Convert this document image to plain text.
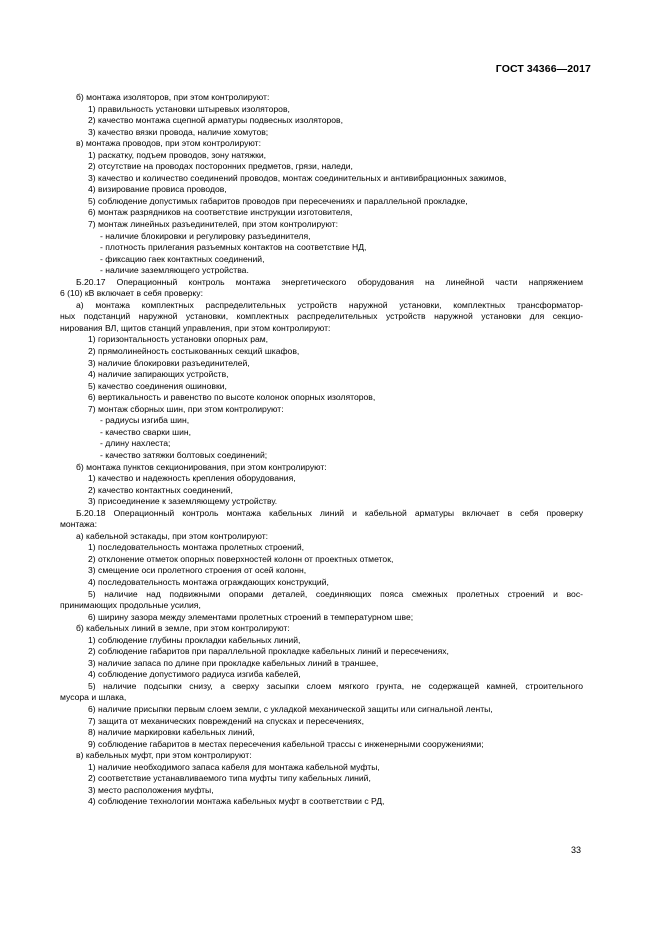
ГОСТ 34366—2017
б) монтажа изоляторов, при этом контролируют:
1) правильность установки штыревых изоляторов,
2) качество монтажа сцепной арматуры подвесных изоляторов,
3) качество вязки провода, наличие хомутов;
в) монтажа проводов, при этом контролируют:
1) раскатку, подъем проводов, зону натяжки,
2) отсутствие на проводах посторонних предметов, грязи, наледи,
3) качество и количество соединений проводов, монтаж соединительных и антивибрационных зажимов,
4) визирование провиса проводов,
5) соблюдение допустимых габаритов проводов при пересечениях и параллельной прокладке,
6) монтаж разрядников на соответствие инструкции изготовителя,
7) монтаж линейных разъединителей, при этом контролируют:
- наличие блокировки и регулировку разъединителя,
- плотность прилегания разъемных контактов на соответствие НД,
- фиксацию гаек контактных соединений,
- наличие заземляющего устройства.
Б.20.17 Операционный контроль монтажа энергетического оборудования на линейной части напряжением
6 (10) кВ включает в себя проверку:
а) монтажа комплектных распределительных устройств наружной установки, комплектных трансформатор-
ных подстанций наружной установки, комплектных распределительных устройств наружной установки для секцио-
нирования ВЛ, щитов станций управления, при этом контролируют:
1) горизонтальность установки опорных рам,
2) прямолинейность состыкованных секций шкафов,
3) наличие блокировки разъединителей,
4) наличие запирающих устройств,
5) качество соединения ошиновки,
6) вертикальность и равенство по высоте колонок опорных изоляторов,
7) монтаж сборных шин, при этом контролируют:
- радиусы изгиба шин,
- качество сварки шин,
- длину нахлеста;
- качество затяжки болтовых соединений;
б) монтажа пунктов секционирования, при этом контролируют:
1) качество и надежность крепления оборудования,
2) качество контактных соединений,
3) присоединение к заземляющему устройству.
Б.20.18 Операционный контроль монтажа кабельных линий и кабельной арматуры включает в себя проверку
монтажа:
а) кабельной эстакады, при этом контролируют:
1) последовательность монтажа пролетных строений,
2) отклонение отметок опорных поверхностей колонн от проектных отметок,
3) смещение оси пролетного строения от осей колонн,
4) последовательность монтажа ограждающих конструкций,
5) наличие над подвижными опорами деталей, соединяющих пояса смежных пролетных строений и вос-
принимающих продольные усилия,
6) ширину зазора между элементами пролетных строений в температурном шве;
б) кабельных линий в земле, при этом контролируют:
1) соблюдение глубины прокладки кабельных линий,
2) соблюдение габаритов при параллельной прокладке кабельных линий и пересечениях,
3) наличие запаса по длине при прокладке кабельных линий в траншее,
4) соблюдение допустимого радиуса изгиба кабелей,
5) наличие подсыпки снизу, а сверху засыпки слоем мягкого грунта, не содержащей камней, строительного
мусора и шлака,
6) наличие присыпки первым слоем земли, с укладкой механической защиты или сигнальной ленты,
7) защита от механических повреждений на спусках и пересечениях,
8) наличие маркировки кабельных линий,
9) соблюдение габаритов в местах пересечения кабельной трассы с инженерными сооружениями;
в) кабельных муфт, при этом контролируют:
1) наличие необходимого запаса кабеля для монтажа кабельной муфты,
2) соответствие устанавливаемого типа муфты типу кабельных линий,
3) место расположения муфты,
4) соблюдение технологии монтажа кабельных муфт в соответствии с РД,
33
